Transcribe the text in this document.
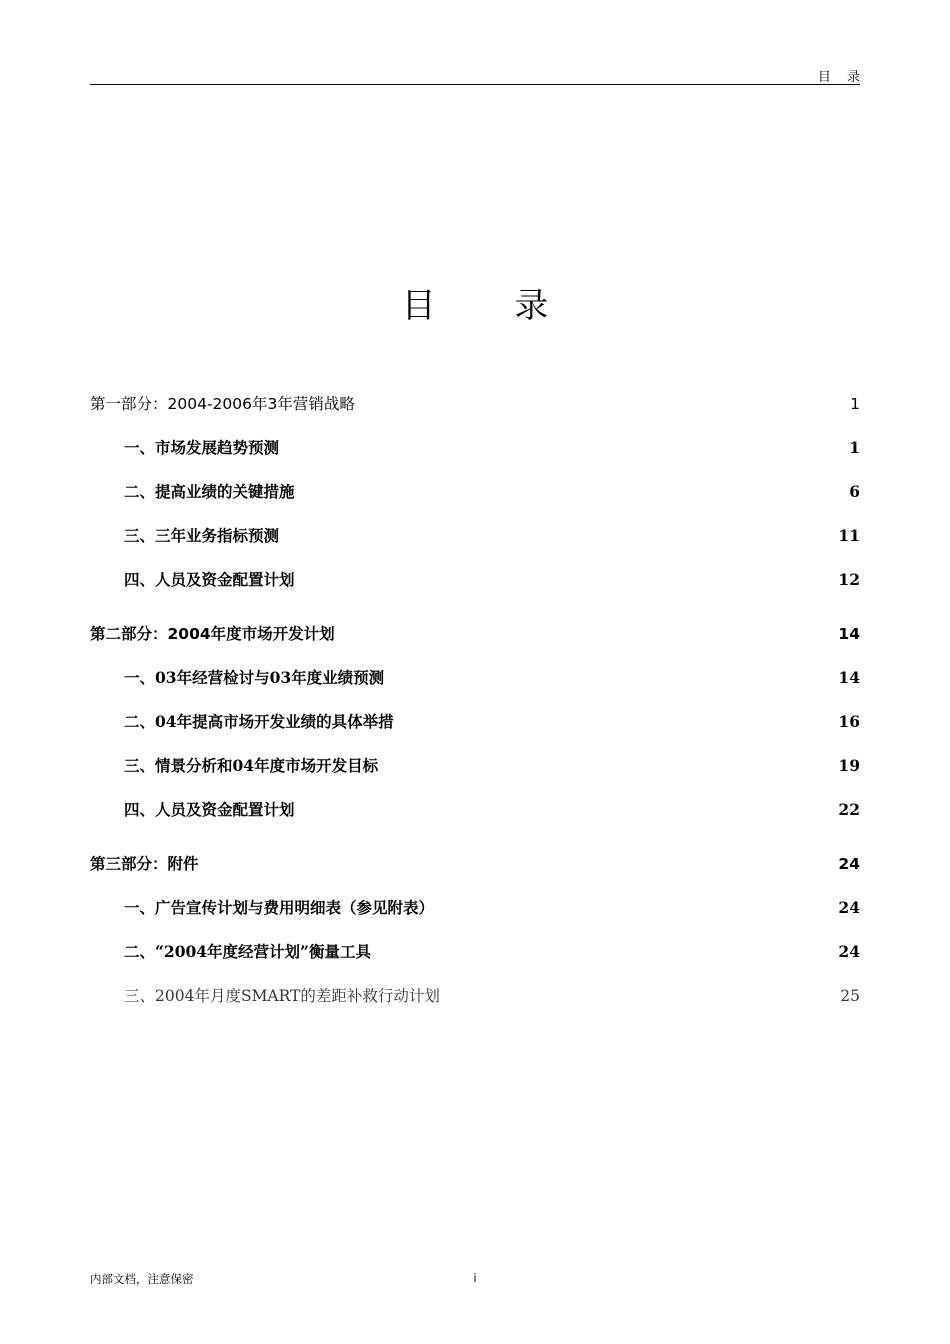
目 录
目 录
第一部分：2004-2006年3年营销战略	1
一、市场发展趋势预测	1
二、提高业绩的关键措施	6
三、三年业务指标预测	11
四、人员及资金配置计划	12
第二部分：2004年度市场开发计划	14
一、03年经营检讨与03年度业绩预测	14
二、04年提高市场开发业绩的具体举措	16
三、情景分析和04年度市场开发目标	19
四、人员及资金配置计划	22
第三部分：附件	24
一、广告宣传计划与费用明细表（参见附表）	24
二、“2004年度经营计划”衡量工具	24
三、2004年月度SMART的差距补救行动计划	25
内部文档，注意保密	i
